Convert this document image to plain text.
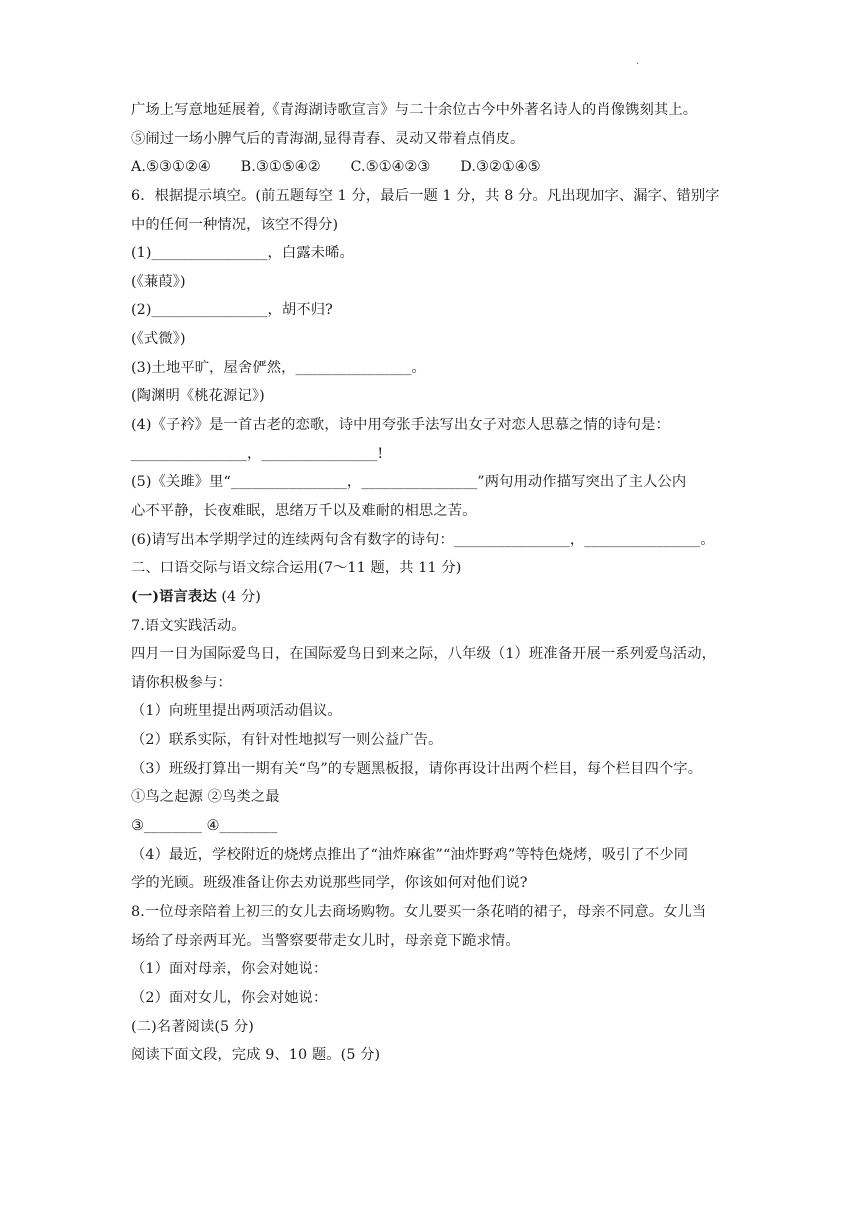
.
广场上写意地延展着,《青海湖诗歌宣言》与二十余位古今中外著名诗人的肖像镌刻其上。
⑤闹过一场小脾气后的青海湖,显得青春、灵动又带着点俏皮。
A.⑤③①②④ B.③①⑤④② C.⑤①④②③ D.③②①④⑤
6．根据提示填空。(前五题每空 1 分，最后一题 1 分，共 8 分。凡出现加字、漏字、错别字
中的任何一种情况，该空不得分)
(1)________________，白露未晞。
(《蒹葭》)
(2)________________，胡不归?
(《式微》)
(3)土地平旷，屋舍俨然，________________。
(陶渊明《桃花源记》)
(4)《子衿》是一首古老的恋歌，诗中用夸张手法写出女子对恋人思慕之情的诗句是：
________________，________________!
(5)《关雎》里“________________，________________”两句用动作描写突出了主人公内
心不平静，长夜难眠，思绪万千以及难耐的相思之苦。
(6)请写出本学期学过的连续两句含有数字的诗句：________________，________________。
二、口语交际与语文综合运用(7～11 题，共 11 分)
(一)语言表达 (4 分)
7.语文实践活动。
四月一日为国际爱鸟日，在国际爱鸟日到来之际，八年级（1）班准备开展一系列爱鸟活动，
请你积极参与：
（1）向班里提出两项活动倡议。
（2）联系实际，有针对性地拟写一则公益广告。
（3）班级打算出一期有关“鸟”的专题黑板报，请你再设计出两个栏目，每个栏目四个字。
①鸟之起源 ②鸟类之最
③________ ④________
（4）最近，学校附近的烧烤点推出了“油炸麻雀”“油炸野鸡”等特色烧烤，吸引了不少同
学的光顾。班级准备让你去劝说那些同学，你该如何对他们说?
8.一位母亲陪着上初三的女儿去商场购物。女儿要买一条花哨的裙子，母亲不同意。女儿当
场给了母亲两耳光。当警察要带走女儿时，母亲竟下跪求情。
（1）面对母亲，你会对她说：
（2）面对女儿，你会对她说：
(二)名著阅读(5 分)
阅读下面文段，完成 9、10 题。(5 分)
